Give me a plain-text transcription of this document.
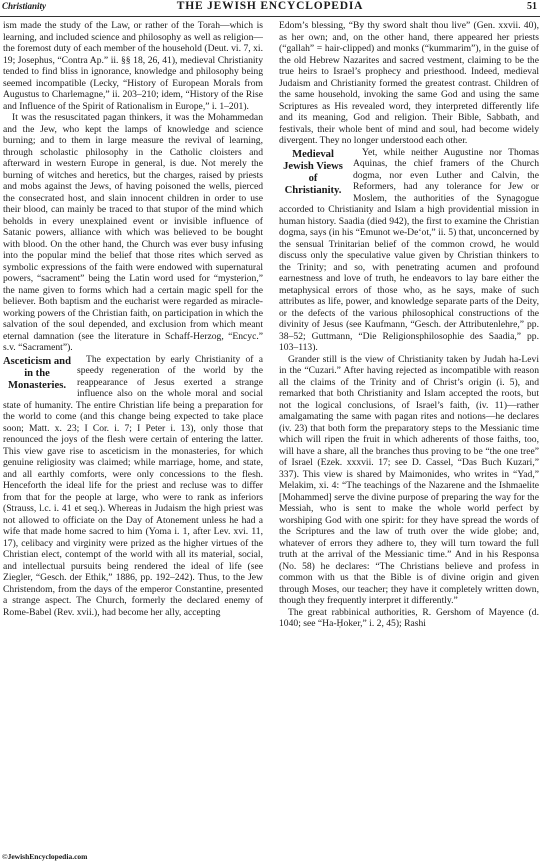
Christianity	THE JEWISH ENCYCLOPEDIA	51

ism made the study of the Law, or rather of the Torah—which is learning, and included science and philosophy as well as religion—the foremost duty of each member of the household (Deut. vi. 7, xi. 19; Josephus, “Contra Ap.” ii. §§ 18, 26, 41), medieval Christianity tended to find bliss in ignorance, knowledge and philosophy being seemed incompatible (Lecky, “History of European Morals from Augustus to Charlemagne,” ii. 203–210; idem, “History of the Rise and Influence of the Spirit of Rationalism in Europe,” i. 1–201).

It was the resuscitated pagan thinkers, it was the Mohammedan and the Jew, who kept the lamps of knowledge and science burning; and to them in large measure the revival of learning, through scholastic philosophy in the Catholic cloisters and afterward in western Europe in general, is due. Not merely the burning of witches and heretics, but the charges, raised by priests and mobs against the Jews, of having poisoned the wells, pierced the consecrated host, and slain innocent children in order to use their blood, can mainly be traced to that stupor of the mind which beholds in every unexplained event or invisible influence of Satanic powers, alliance with which was believed to be bought with blood. On the other hand, the Church was ever busy infusing into the popular mind the belief that those rites which served as symbolic expressions of the faith were endowed with supernatural powers, “sacrament” being the Latin word used for “mysterion,” the name given to forms which had a certain magic spell for the believer. Both baptism and the eucharist were regarded as miracle-working powers of the Christian faith, on participation in which the salvation of the soul depended, and exclusion from which meant eternal damnation (see the literature in Schaff-Herzog, “Encyc.” s.v. “Sacrament”).

Asceticism and in the Monasteries.
The expectation by early Christianity of a speedy regeneration of the world by the reappearance of Jesus exerted a strange influence also on the whole moral and social state of humanity. The entire Christian life being a preparation for the world to come (and this change being expected to take place soon; Matt. x. 23; I Cor. i. 7; I Peter i. 13), only those that renounced the joys of the flesh were certain of entering the latter. This view gave rise to asceticism in the monasteries, for which genuine religiosity was claimed; while marriage, home, and state, and all earthly comforts, were only concessions to the flesh. Henceforth the ideal life for the priest and recluse was to differ from that for the people at large, who were to rank as inferiors (Strauss, l.c. i. 41 et seq.). Whereas in Judaism the high priest was not allowed to officiate on the Day of Atonement unless he had a wife that made home sacred to him (Yoma i. 1, after Lev. xvi. 11, 17), celibacy and virginity were prized as the higher virtues of the Christian elect, contempt of the world with all its material, social, and intellectual pursuits being rendered the ideal of life (see Ziegler, “Gesch. der Ethik,” 1886, pp. 192–242). Thus, to the Jew Christendom, from the days of the emperor Constantine, presented a strange aspect. The Church, formerly the declared enemy of Rome-Babel (Rev. xvii.), had become her ally, accepting

Edom’s blessing, “By thy sword shalt thou live” (Gen. xxvii. 40), as her own; and, on the other hand, there appeared her priests (“gallah” = hair-clipped) and monks (“kummarim”), in the guise of the old Hebrew Nazarites and sacred vestment, claiming to be the true heirs to Israel’s prophecy and priesthood. Indeed, medieval Judaism and Christianity formed the greatest contrast. Children of the same household, invoking the same God and using the same Scriptures as His revealed word, they interpreted differently life and its meaning, God and religion. Their Bible, Sabbath, and festivals, their whole bent of mind and soul, had become widely divergent. They no longer understood each other.

Medieval Jewish Views of Christianity.
Yet, while neither Augustine nor Thomas Aquinas, the chief framers of the Church dogma, nor even Luther and Calvin, the Reformers, had any tolerance for Jew or Moslem, the authorities of the Synagogue accorded to Christianity and Islam a high providential mission in human history. Saadia (died 942), the first to examine the Christian dogma, says (in his “Emunot we-De‘ot,” ii. 5) that, unconcerned by the sensual Trinitarian belief of the common crowd, he would discuss only the speculative value given by Christian thinkers to the Trinity; and so, with penetrating acumen and profound earnestness and love of truth, he endeavors to lay bare either the metaphysical errors of those who, as he says, make of such attributes as life, power, and knowledge separate parts of the Deity, or the defects of the various philosophical constructions of the divinity of Jesus (see Kaufmann, “Gesch. der Attributenlehre,” pp. 38–52; Guttmann, “Die Religionsphilosophie des Saadia,” pp. 103–113).

Grander still is the view of Christianity taken by Judah ha-Levi in the “Cuzari.” After having rejected as incompatible with reason all the claims of the Trinity and of Christ’s origin (i. 5), and remarked that both Christianity and Islam accepted the roots, but not the logical conclusions, of Israel’s faith, (iv. 11)—rather amalgamating the same with pagan rites and notions—he declares (iv. 23) that both form the preparatory steps to the Messianic time which will ripen the fruit in which adherents of those faiths, too, will have a share, all the branches thus proving to be “the one tree” of Israel (Ezek. xxxvii. 17; see D. Cassel, “Das Buch Kuzari,” 337). This view is shared by Maimonides, who writes in “Yad,” Melakim, xi. 4: “The teachings of the Nazarene and the Ishmaelite [Mohammed] serve the divine purpose of preparing the way for the Messiah, who is sent to make the whole world perfect by worshiping God with one spirit: for they have spread the words of the Scriptures and the law of truth over the wide globe; and, whatever of errors they adhere to, they will turn toward the full truth at the arrival of the Messianic time.” And in his Responsa (No. 58) he declares: “The Christians believe and profess in common with us that the Bible is of divine origin and given through Moses, our teacher; they have it completely written down, though they frequently interpret it differently.”

The great rabbinical authorities, R. Gershom of Mayence (d. 1040; see “Ha-Ḥoker,” i. 2, 45); Rashi

©JewishEncyclopedia.com
